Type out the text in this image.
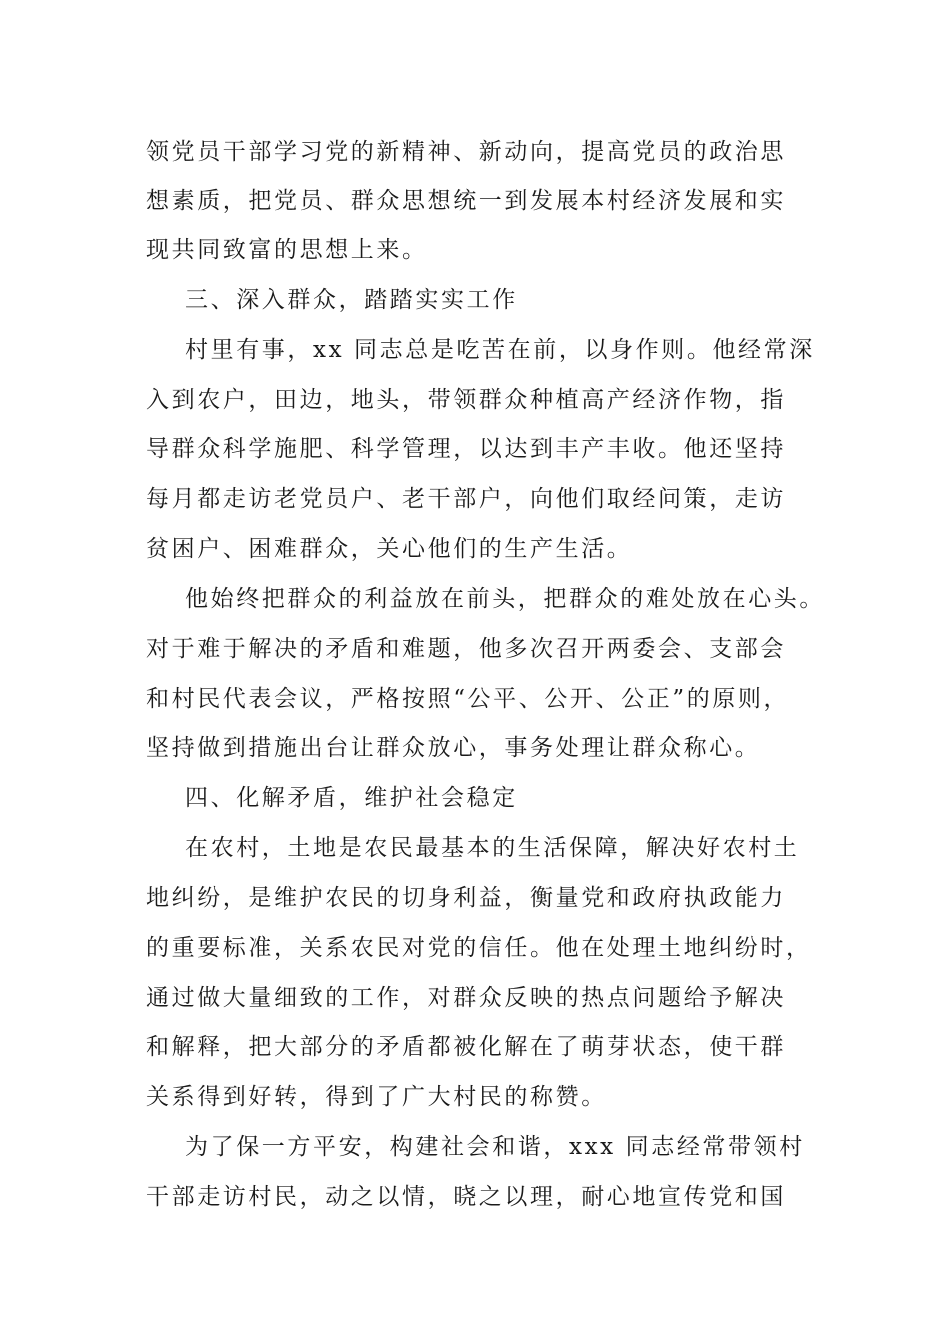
领党员干部学习党的新精神、新动向，提高党员的政治思
想素质，把党员、群众思想统一到发展本村经济发展和实
现共同致富的思想上来。
三、深入群众，踏踏实实工作
村里有事，xx 同志总是吃苦在前，以身作则。他经常深
入到农户，田边，地头，带领群众种植高产经济作物，指
导群众科学施肥、科学管理，以达到丰产丰收。他还坚持
每月都走访老党员户、老干部户，向他们取经问策，走访
贫困户、困难群众，关心他们的生产生活。
他始终把群众的利益放在前头，把群众的难处放在心头。
对于难于解决的矛盾和难题，他多次召开两委会、支部会
和村民代表会议，严格按照“公平、公开、公正”的原则，
坚持做到措施出台让群众放心，事务处理让群众称心。
四、化解矛盾，维护社会稳定
在农村，土地是农民最基本的生活保障，解决好农村土
地纠纷，是维护农民的切身利益，衡量党和政府执政能力
的重要标准，关系农民对党的信任。他在处理土地纠纷时，
通过做大量细致的工作，对群众反映的热点问题给予解决
和解释，把大部分的矛盾都被化解在了萌芽状态，使干群
关系得到好转，得到了广大村民的称赞。
为了保一方平安，构建社会和谐，xxx 同志经常带领村
干部走访村民，动之以情，晓之以理，耐心地宣传党和国
